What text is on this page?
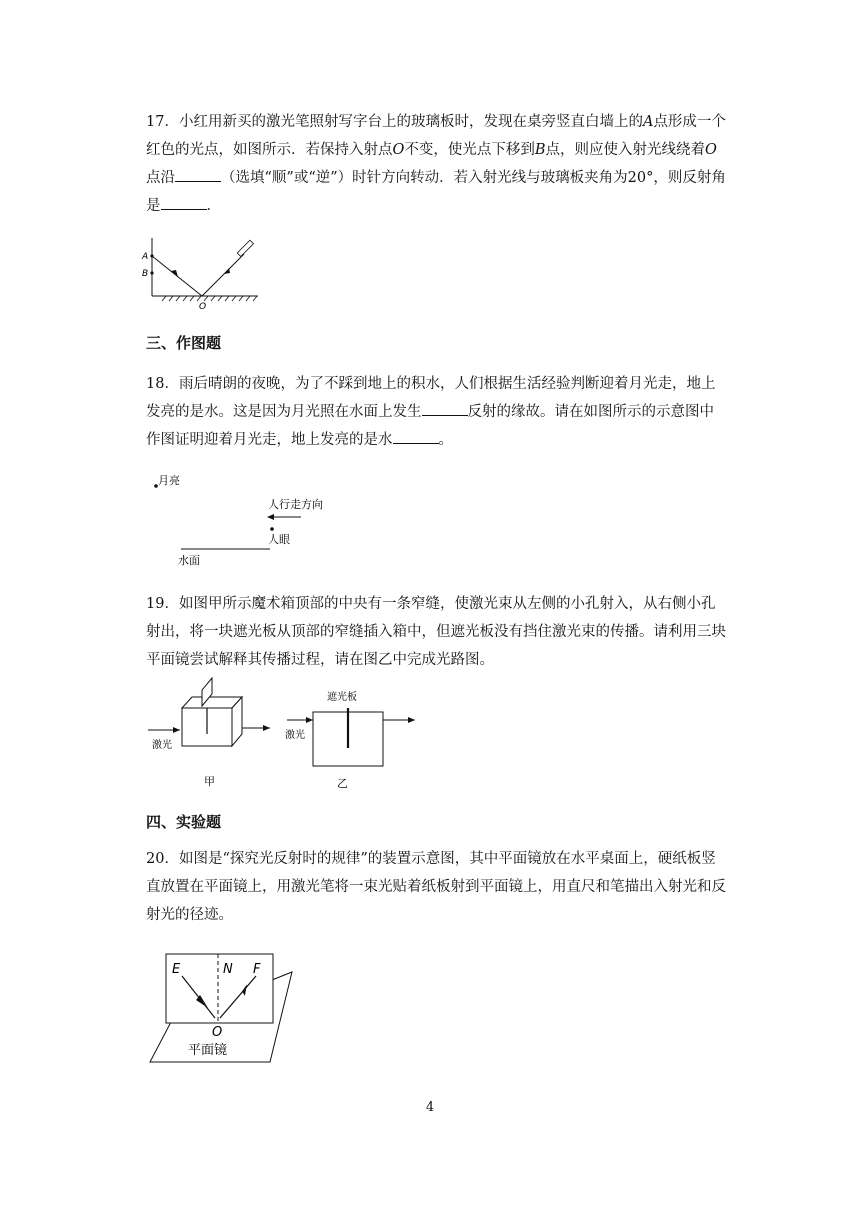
17．小红用新买的激光笔照射写字台上的玻璃板时，发现在桌旁竖直白墙上的A点形成一个红色的光点，如图所示．若保持入射点O不变，使光点下移到B点，则应使入射光线绕着O点沿	（选填“顺”或“逆”）时针方向转动．若入射光线与玻璃板夹角为20°，则反射角是	．

A
B
O

三、作图题

18．雨后晴朗的夜晚，为了不踩到地上的积水，人们根据生活经验判断迎着月光走，地上发亮的是水。这是因为月光照在水面上发生	反射的缘故。请在如图所示的示意图中作图证明迎着月光走，地上发亮的是水	。

月亮
人行走方向
人眼
水面

19．如图甲所示魔术箱顶部的中央有一条窄缝，使激光束从左侧的小孔射入，从右侧小孔射出，将一块遮光板从顶部的窄缝插入箱中，但遮光板没有挡住激光束的传播。请利用三块平面镜尝试解释其传播过程，请在图乙中完成光路图。

激光
甲
遮光板
激光
乙

四、实验题

20．如图是“探究光反射时的规律”的装置示意图，其中平面镜放在水平桌面上，硬纸板竖直放置在平面镜上，用激光笔将一束光贴着纸板射到平面镜上，用直尺和笔描出入射光和反射光的径迹。

E	N F
O
平面镜
4
